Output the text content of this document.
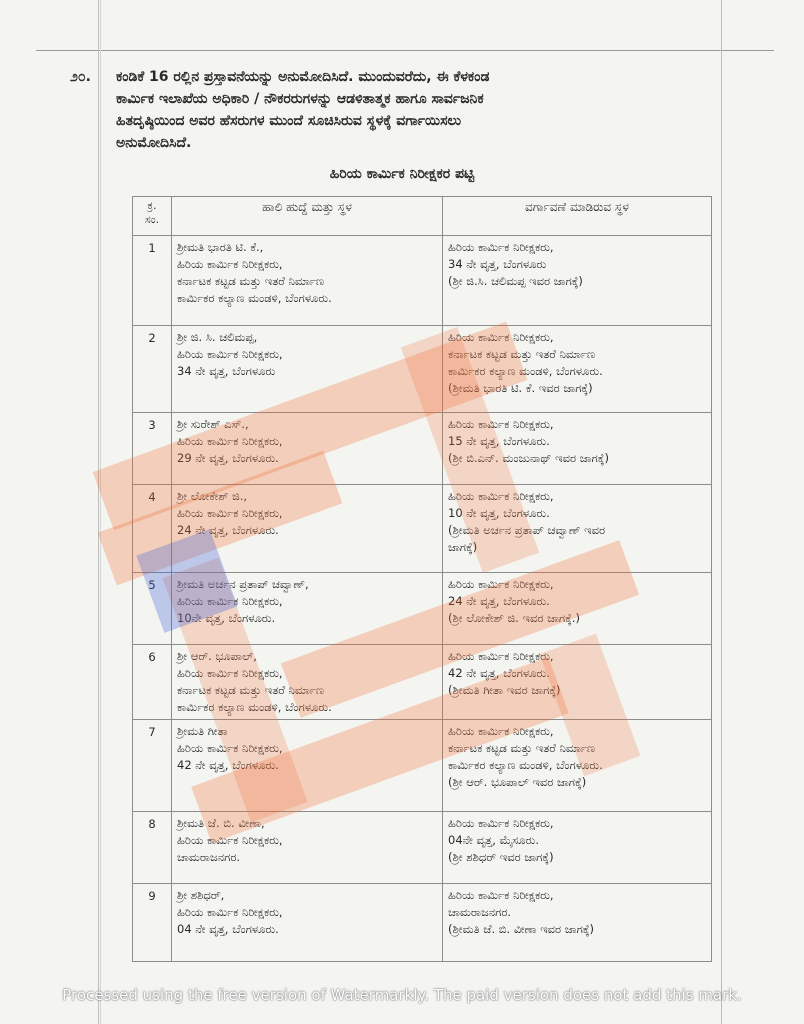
೨೦. ಕಂಡಿಕೆ 16 ರಲ್ಲಿನ ಪ್ರಸ್ತಾವನೆಯನ್ನು ಅನುಮೋದಿಸಿದೆ. ಮುಂದುವರೆದು, ಈ ಕೆಳಕಂಡ
ಕಾರ್ಮಿಕ ಇಲಾಖೆಯ ಅಧಿಕಾರಿ / ನೌಕರರುಗಳನ್ನು ಆಡಳಿತಾತ್ಮಕ ಹಾಗೂ ಸಾರ್ವಜನಿಕ
ಹಿತದೃಷ್ಠಿಯಿಂದ ಅವರ ಹೆಸರುಗಳ ಮುಂದೆ ಸೂಚಿಸಿರುವ ಸ್ಥಳಕ್ಕೆ ವರ್ಗಾಯಿಸಲು
ಅನುಮೋದಿಸಿದೆ.
ಹಿರಿಯ ಕಾರ್ಮಿಕ ನಿರೀಕ್ಷಕರ ಪಟ್ಟಿ
ಕ್ರ.
ಸಂ.	ಹಾಲಿ ಹುದ್ದೆ ಮತ್ತು ಸ್ಥಳ	ವರ್ಗಾವಣೆ ಮಾಡಿರುವ ಸ್ಥಳ
1	ಶ್ರೀಮತಿ ಭಾರತಿ ಟಿ. ಕೆ.,
ಹಿರಿಯ ಕಾರ್ಮಿಕ ನಿರೀಕ್ಷಕರು,
ಕರ್ನಾಟಕ ಕಟ್ಟಡ ಮತ್ತು ಇತರೆ ನಿರ್ಮಾಣ
ಕಾರ್ಮಿಕರ ಕಲ್ಯಾಣ ಮಂಡಳಿ, ಬೆಂಗಳೂರು.	ಹಿರಿಯ ಕಾರ್ಮಿಕ ನಿರೀಕ್ಷಕರು,
34 ನೇ ವೃತ್ತ, ಬೆಂಗಳೂರು
(ಶ್ರೀ ಜಿ.ಸಿ. ಚಲಿಮಪ್ಪ ಇವರ ಜಾಗಕ್ಕೆ)

2	ಶ್ರೀ ಜಿ. ಸಿ. ಚಲಿಮಪ್ಪ,
ಹಿರಿಯ ಕಾರ್ಮಿಕ ನಿರೀಕ್ಷಕರು,
34 ನೇ ವೃತ್ತ, ಬೆಂಗಳೂರು	ಹಿರಿಯ ಕಾರ್ಮಿಕ ನಿರೀಕ್ಷಕರು,
ಕರ್ನಾಟಕ ಕಟ್ಟಡ ಮತ್ತು ಇತರೆ ನಿರ್ಮಾಣ
ಕಾರ್ಮಿಕರ ಕಲ್ಯಾಣ ಮಂಡಳಿ, ಬೆಂಗಳೂರು.
(ಶ್ರೀಮತಿ ಭಾರತಿ ಟಿ. ಕೆ. ಇವರ ಜಾಗಕ್ಕೆ)

3	ಶ್ರೀ ಸುರೇಶ್ ಎಸ್.,
ಹಿರಿಯ ಕಾರ್ಮಿಕ ನಿರೀಕ್ಷಕರು,
29 ನೇ ವೃತ್ತ, ಬೆಂಗಳೂರು.	ಹಿರಿಯ ಕಾರ್ಮಿಕ ನಿರೀಕ್ಷಕರು,
15 ನೇ ವೃತ್ತ, ಬೆಂಗಳೂರು.
(ಶ್ರೀ ಬಿ.ಎನ್. ಮಂಜುನಾಥ್ ಇವರ ಜಾಗಕ್ಕೆ)

4	ಶ್ರೀ ಲೋಕೇಶ್ ಜಿ.,
ಹಿರಿಯ ಕಾರ್ಮಿಕ ನಿರೀಕ್ಷಕರು,
24 ನೇ ವೃತ್ತ, ಬೆಂಗಳೂರು.	ಹಿರಿಯ ಕಾರ್ಮಿಕ ನಿರೀಕ್ಷಕರು,
10 ನೇ ವೃತ್ತ, ಬೆಂಗಳೂರು.
(ಶ್ರೀಮತಿ ಅರ್ಚನ ಪ್ರತಾಪ್ ಚವ್ವಾಣ್ ಇವರ
ಜಾಗಕ್ಕೆ)

5	ಶ್ರೀಮತಿ ಅರ್ಚನ ಪ್ರತಾಪ್ ಚವ್ವಾಣ್,
ಹಿರಿಯ ಕಾರ್ಮಿಕ ನಿರೀಕ್ಷಕರು,
10ನೇ ವೃತ್ತ, ಬೆಂಗಳೂರು.	ಹಿರಿಯ ಕಾರ್ಮಿಕ ನಿರೀಕ್ಷಕರು,
24 ನೇ ವೃತ್ತ, ಬೆಂಗಳೂರು.
(ಶ್ರೀ ಲೋಕೇಶ್ ಜಿ. ಇವರ ಜಾಗಕ್ಕೆ.)

6	ಶ್ರೀ ಆರ್. ಭೂಪಾಲ್,
ಹಿರಿಯ ಕಾರ್ಮಿಕ ನಿರೀಕ್ಷಕರು,
ಕರ್ನಾಟಕ ಕಟ್ಟಡ ಮತ್ತು ಇತರೆ ನಿರ್ಮಾಣ
ಕಾರ್ಮಿಕರ ಕಲ್ಯಾಣ ಮಂಡಳಿ, ಬೆಂಗಳೂರು.	ಹಿರಿಯ ಕಾರ್ಮಿಕ ನಿರೀಕ್ಷಕರು,
42 ನೇ ವೃತ್ತ, ಬೆಂಗಳೂರು.
(ಶ್ರೀಮತಿ ಗೀತಾ ಇವರ ಜಾಗಕ್ಕೆ)

7	ಶ್ರೀಮತಿ ಗೀತಾ
ಹಿರಿಯ ಕಾರ್ಮಿಕ ನಿರೀಕ್ಷಕರು,
42 ನೇ ವೃತ್ತ, ಬೆಂಗಳೂರು.	ಹಿರಿಯ ಕಾರ್ಮಿಕ ನಿರೀಕ್ಷಕರು,
ಕರ್ನಾಟಕ ಕಟ್ಟಡ ಮತ್ತು ಇತರೆ ನಿರ್ಮಾಣ
ಕಾರ್ಮಿಕರ ಕಲ್ಯಾಣ ಮಂಡಳಿ, ಬೆಂಗಳೂರು.
(ಶ್ರೀ ಆರ್. ಭೂಪಾಲ್ ಇವರ ಜಾಗಕ್ಕೆ)

8	ಶ್ರೀಮತಿ ಜೆ. ಬಿ. ವೀಣಾ,
ಹಿರಿಯ ಕಾರ್ಮಿಕ ನಿರೀಕ್ಷಕರು,
ಚಾಮರಾಜನಗರ.	ಹಿರಿಯ ಕಾರ್ಮಿಕ ನಿರೀಕ್ಷಕರು,
04ನೇ ವೃತ್ತ, ಮೈಸೂರು.
(ಶ್ರೀ ಶಶಿಧರ್ ಇವರ ಜಾಗಕ್ಕೆ)

9	ಶ್ರೀ ಶಶಿಧರ್,
ಹಿರಿಯ ಕಾರ್ಮಿಕ ನಿರೀಕ್ಷಕರು,
04 ನೇ ವೃತ್ತ, ಬೆಂಗಳೂರು.	ಹಿರಿಯ ಕಾರ್ಮಿಕ ನಿರೀಕ್ಷಕರು,
ಚಾಮರಾಜನಗರ.
(ಶ್ರೀಮತಿ ಜೆ. ಬಿ. ವೀಣಾ ಇವರ ಜಾಗಕ್ಕೆ)
Processed using the free version of Watermarkly. The paid version does not add this mark.
